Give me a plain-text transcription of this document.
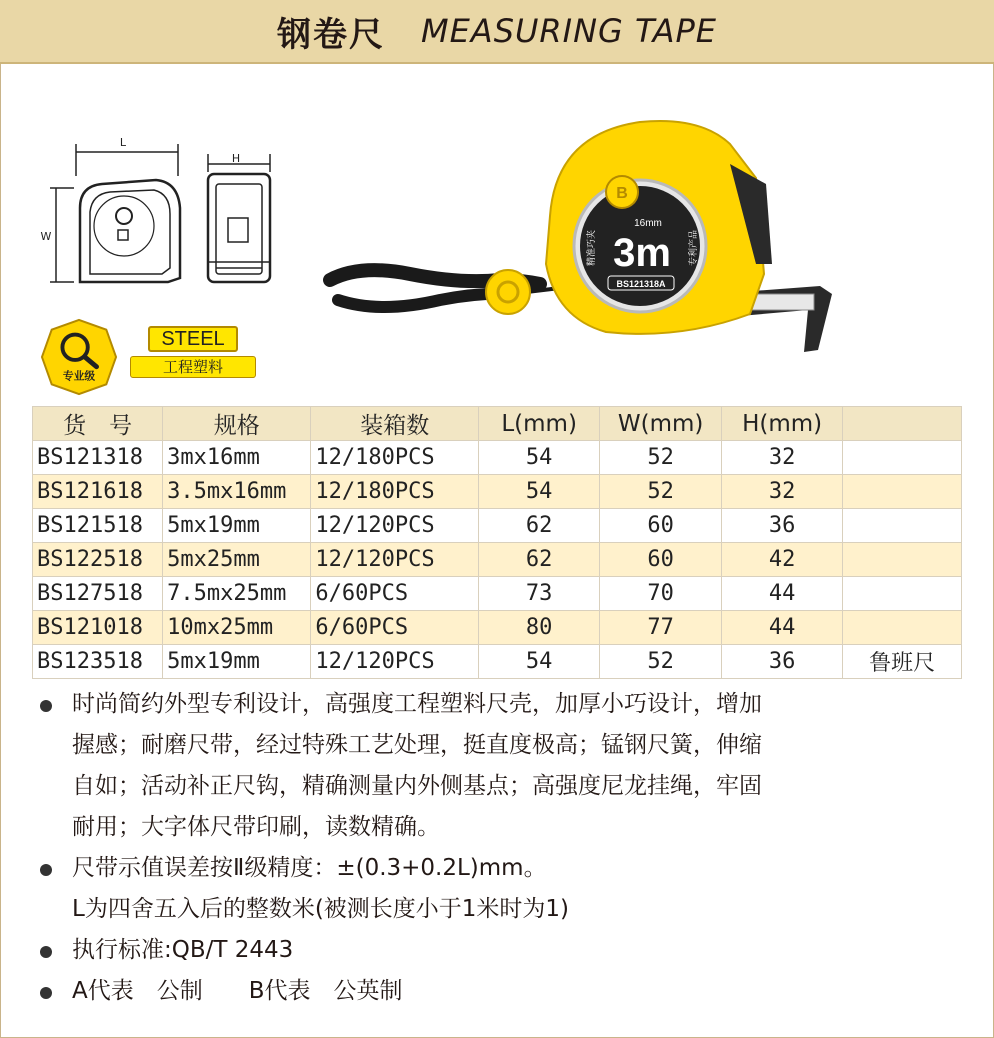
钢卷尺 MEASURING TAPE
L
W
H
B
3m
16mm
精准巧夹	专利产品
BS121318A
专业级
STEEL
工程塑料
货　号	规格	装箱数	L(mm)	W(mm)	H(mm)	
BS121318	3mx16mm	12/180PCS	54	52	32	
BS121618	3.5mx16mm	12/180PCS	54	52	32	
BS121518	5mx19mm	12/120PCS	62	60	36	
BS122518	5mx25mm	12/120PCS	62	60	42	
BS127518	7.5mx25mm	6/60PCS	73	70	44	
BS121018	10mx25mm	6/60PCS	80	77	44	
BS123518	5mx19mm	12/120PCS	54	52	36	鲁班尺
时尚简约外型专利设计，高强度工程塑料尺壳，加厚小巧设计，增加
握感；耐磨尺带，经过特殊工艺处理，挺直度极高；锰钢尺簧，伸缩
自如；活动补正尺钩，精确测量内外侧基点；高强度尼龙挂绳，牢固
耐用；大字体尺带印刷，读数精确。
尺带示值误差按Ⅱ级精度：±(0.3+0.2L)mm。
L为四舍五入后的整数米(被测长度小于1米时为1)
执行标准:QB/T 2443
A代表　公制　　B代表　公英制
